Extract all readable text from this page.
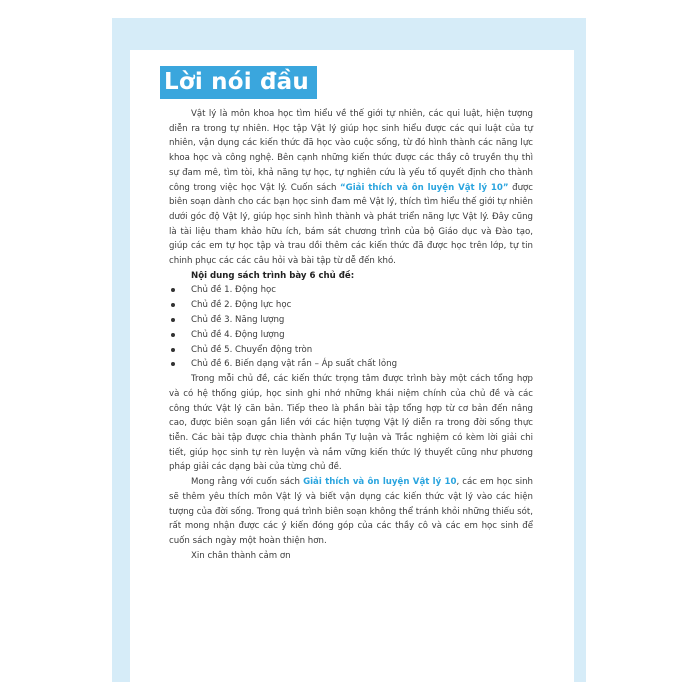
Lời nói đầu

Vật lý là môn khoa học tìm hiểu về thế giới tự nhiên, các qui luật, hiện tượng diễn ra trong tự nhiên. Học tập Vật lý giúp học sinh hiểu được các qui luật của tự nhiên, vận dụng các kiến thức đã học vào cuộc sống, từ đó hình thành các năng lực khoa học và công nghệ. Bên cạnh những kiến thức được các thầy cô truyền thụ thì sự đam mê, tìm tòi, khả năng tự học, tự nghiên cứu là yếu tố quyết định cho thành công trong việc học Vật lý. Cuốn sách “Giải thích và ôn luyện Vật lý 10” được biên soạn dành cho các bạn học sinh đam mê Vật lý, thích tìm hiểu thế giới tự nhiên dưới góc độ Vật lý, giúp học sinh hình thành và phát triển năng lực Vật lý. Đây cũng là tài liệu tham khảo hữu ích, bám sát chương trình của bộ Giáo dục và Đào tạo, giúp các em tự học tập và trau dồi thêm các kiến thức đã được học trên lớp, tự tin chinh phục các các câu hỏi và bài tập từ dễ đến khó.

Nội dung sách trình bày 6 chủ đề:

Chủ đề 1. Động học
Chủ đề 2. Động lực học
Chủ đề 3. Năng lượng
Chủ đề 4. Động lượng
Chủ đề 5. Chuyển động tròn
Chủ đề 6. Biến dạng vật rắn – Áp suất chất lỏng

Trong mỗi chủ đề, các kiến thức trọng tâm được trình bày một cách tổng hợp và có hệ thống giúp, học sinh ghi nhớ những khái niệm chính của chủ đề và các công thức Vật lý căn bản. Tiếp theo là phần bài tập tổng hợp từ cơ bản đến nâng cao, được biên soạn gắn liền với các hiện tượng Vật lý diễn ra trong đời sống thực tiễn. Các bài tập được chia thành phần Tự luận và Trắc nghiệm có kèm lời giải chi tiết, giúp học sinh tự rèn luyện và nắm vững kiến thức lý thuyết cũng như phương pháp giải các dạng bài của từng chủ đề.

Mong rằng với cuốn sách Giải thích và ôn luyện Vật lý 10, các em học sinh sẽ thêm yêu thích môn Vật lý và biết vận dụng các kiến thức vật lý vào các hiện tượng của đời sống. Trong quá trình biên soạn không thể tránh khỏi những thiếu sót, rất mong nhận được các ý kiến đóng góp của các thầy cô và các em học sinh để cuốn sách ngày một hoàn thiện hơn.

Xin chân thành cảm ơn
